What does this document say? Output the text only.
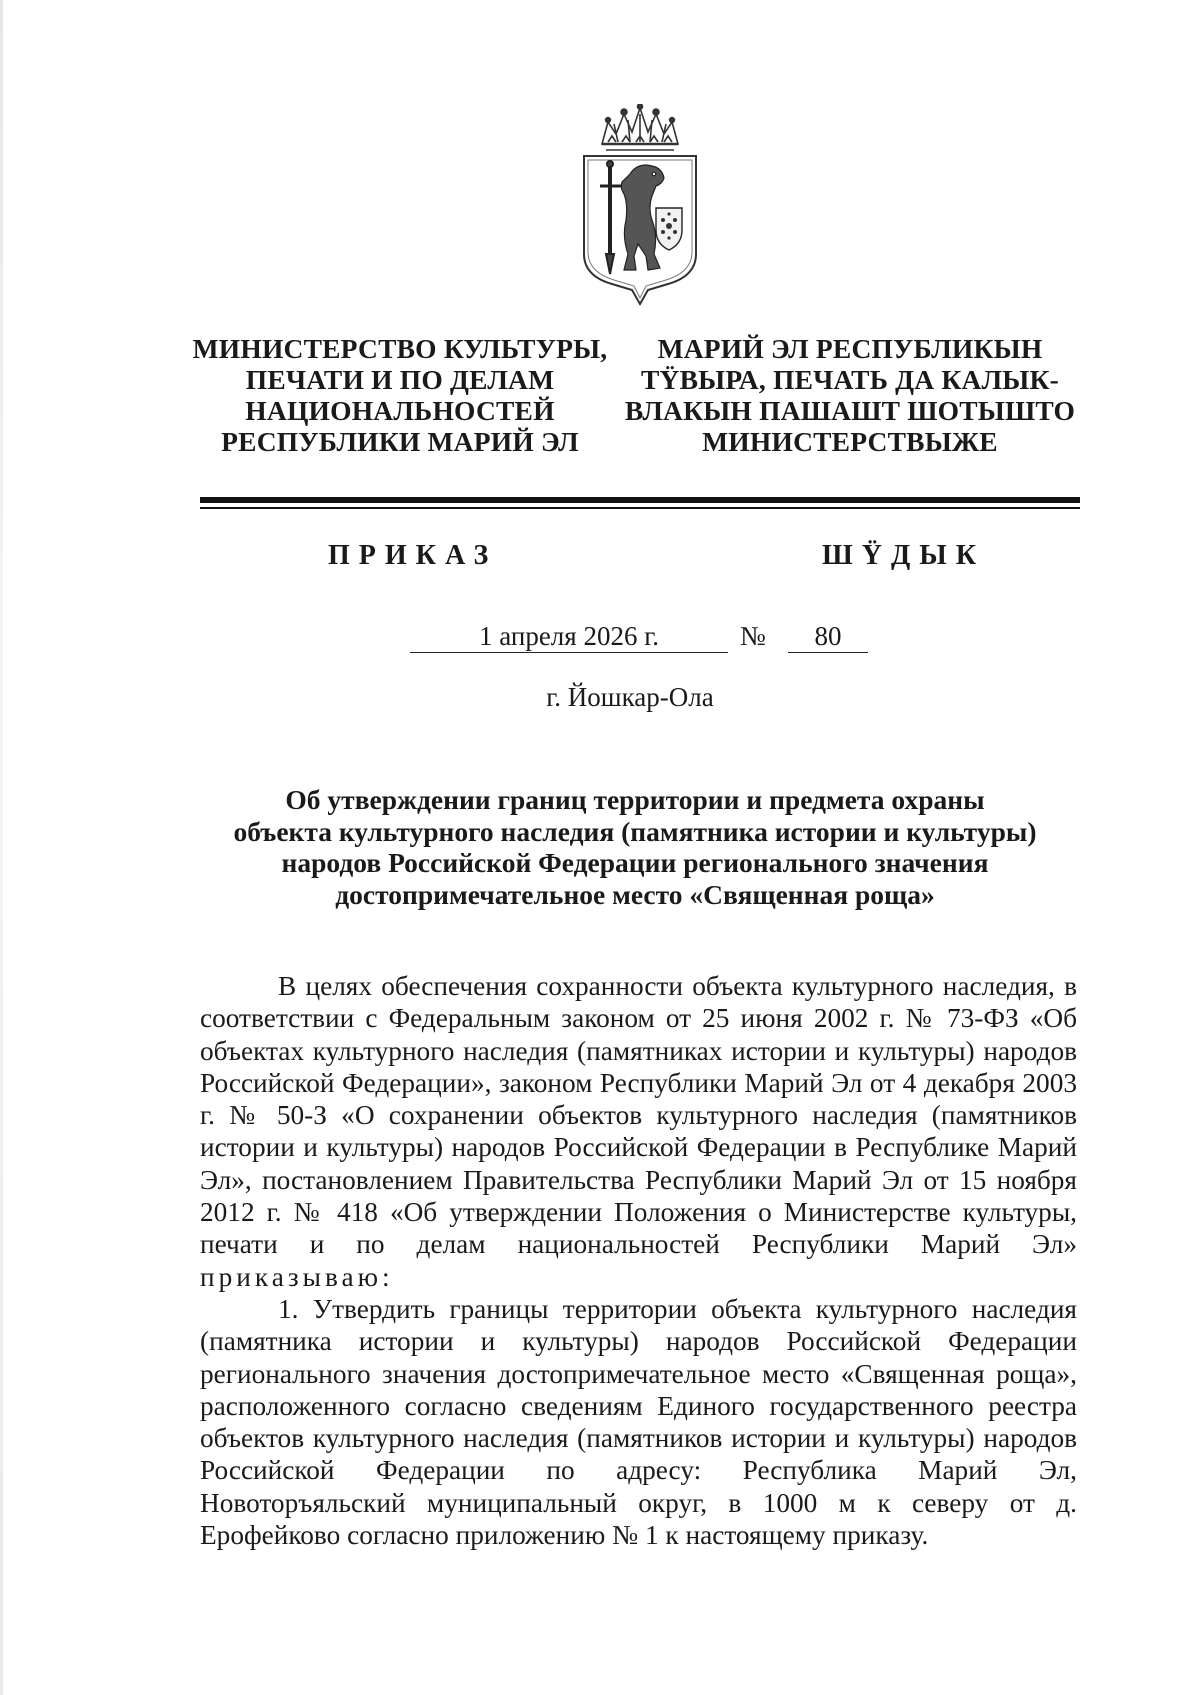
МИНИСТЕРСТВО КУЛЬТУРЫ,
ПЕЧАТИ И ПО ДЕЛАМ
НАЦИОНАЛЬНОСТЕЙ
РЕСПУБЛИКИ МАРИЙ ЭЛ
МАРИЙ ЭЛ РЕСПУБЛИКЫН
ТŸВЫРА, ПЕЧАТЬ ДА КАЛЫК-
ВЛАКЫН ПАШАШТ ШОТЫШТО
МИНИСТЕРСТВЫЖЕ
ПРИКАЗ	ШŸДЫК
1 апреля 2026 г.	№	80
г. Йошкар-Ола
Об утверждении границ территории и предмета охраны
объекта культурного наследия (памятника истории и культуры)
народов Российской Федерации регионального значения
достопримечательное место «Священная роща»

В целях обеспечения сохранности объекта культурного наследия, в соответствии с Федеральным законом от 25 июня 2002 г. № 73-ФЗ «Об объектах культурного наследия (памятниках истории и культуры) народов Российской Федерации», законом Республики Марий Эл от 4 декабря 2003 г. № 50-З «О сохранении объектов культурного наследия (памятников истории и культуры) народов Российской Федерации в Республике Марий Эл», постановлением Правительства Республики Марий Эл от 15 ноября 2012 г. № 418 «Об утверждении Положения о Министерстве культуры, печати и по делам национальностей Республики Марий Эл» приказываю:

1. Утвердить границы территории объекта культурного наследия (памятника истории и культуры) народов Российской Федерации регионального значения достопримечательное место «Священная роща», расположенного согласно сведениям Единого государственного реестра объектов культурного наследия (памятников истории и культуры) народов Российской Федерации по адресу: Республика Марий Эл, Новоторъяльский муниципальный округ, в 1000 м к северу от д. Ерофейково согласно приложению № 1 к настоящему приказу.
